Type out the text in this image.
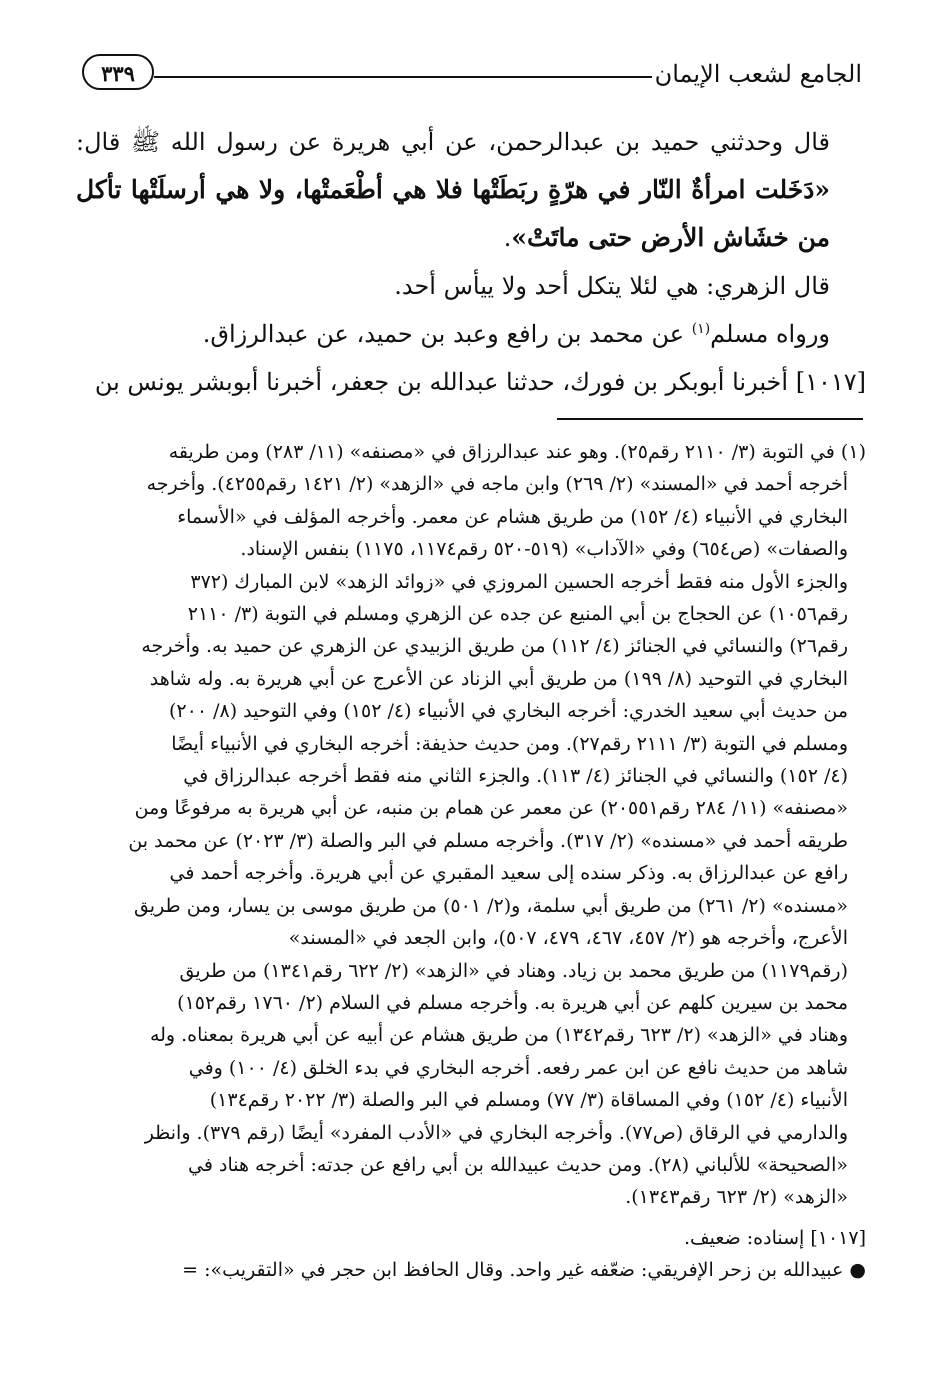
الجامع لشعب الإيمان
٣٣٩

قال وحدثني حميد بن عبدالرحمن، عن أبي هريرة عن رسول الله ﷺ قال: «دَخَلت امرأةٌ النّار في هرّةٍ ربَطَتْها فلا هي أطْعَمتْها، ولا هي أرسلَتْها تأكل من خشَاش الأرض حتى ماتَتْ».

قال الزهري: هي لئلا يتكل أحد ولا ييأس أحد.

ورواه مسلم$^{(١)}$ عن محمد بن رافع وعبد بن حميد، عن عبدالرزاق.

[١٠١٧] أخبرنا أبوبكر بن فورك، حدثنا عبدالله بن جعفر، أخبرنا أبوبشر يونس بن

(١) في التوبة (٣/ ٢١١٠ رقم٢٥). وهو عند عبدالرزاق في «مصنفه» (١١/ ٢٨٣) ومن طريقه

أخرجه أحمد في «المسند» (٢/ ٢٦٩) وابن ماجه في «الزهد» (٢/ ١٤٢١ رقم٤٢٥٥). وأخرجه

البخاري في الأنبياء (٤/ ١٥٢) من طريق هشام عن معمر. وأخرجه المؤلف في «الأسماء

والصفات» (ص٦٥٤) وفي «الآداب» (٥١٩-٥٢٠ رقم١١٧٤، ١١٧٥) بنفس الإسناد.

والجزء الأول منه فقط أخرجه الحسين المروزي في «زوائد الزهد» لابن المبارك (٣٧٢

رقم١٠٥٦) عن الحجاج بن أبي المنيع عن جده عن الزهري ومسلم في التوبة (٣/ ٢١١٠

رقم٢٦) والنسائي في الجنائز (٤/ ١١٢) من طريق الزبيدي عن الزهري عن حميد به. وأخرجه

البخاري في التوحيد (٨/ ١٩٩) من طريق أبي الزناد عن الأعرج عن أبي هريرة به. وله شاهد

من حديث أبي سعيد الخدري: أخرجه البخاري في الأنبياء (٤/ ١٥٢) وفي التوحيد (٨/ ٢٠٠)

ومسلم في التوبة (٣/ ٢١١١ رقم٢٧). ومن حديث حذيفة: أخرجه البخاري في الأنبياء أيضًا

(٤/ ١٥٢) والنسائي في الجنائز (٤/ ١١٣). والجزء الثاني منه فقط أخرجه عبدالرزاق في

«مصنفه» (١١/ ٢٨٤ رقم٢٠٥٥١) عن معمر عن همام بن منبه، عن أبي هريرة به مرفوعًا ومن

طريقه أحمد في «مسنده» (٢/ ٣١٧). وأخرجه مسلم في البر والصلة (٣/ ٢٠٢٣) عن محمد بن

رافع عن عبدالرزاق به. وذكر سنده إلى سعيد المقبري عن أبي هريرة. وأخرجه أحمد في

«مسنده» (٢/ ٢٦١) من طريق أبي سلمة، و(٢/ ٥٠١) من طريق موسى بن يسار، ومن طريق

الأعرج، وأخرجه هو (٢/ ٤٥٧، ٤٦٧، ٤٧٩، ٥٠٧)، وابن الجعد في «المسند»

(رقم١١٧٩) من طريق محمد بن زياد. وهناد في «الزهد» (٢/ ٦٢٢ رقم١٣٤١) من طريق

محمد بن سيرين كلهم عن أبي هريرة به. وأخرجه مسلم في السلام (٢/ ١٧٦٠ رقم١٥٢)

وهناد في «الزهد» (٢/ ٦٢٣ رقم١٣٤٢) من طريق هشام عن أبيه عن أبي هريرة بمعناه. وله

شاهد من حديث نافع عن ابن عمر رفعه. أخرجه البخاري في بدء الخلق (٤/ ١٠٠) وفي

الأنبياء (٤/ ١٥٢) وفي المساقاة (٣/ ٧٧) ومسلم في البر والصلة (٣/ ٢٠٢٢ رقم١٣٤)

والدارمي في الرقاق (ص٧٧). وأخرجه البخاري في «الأدب المفرد» أيضًا (رقم ٣٧٩). وانظر

«الصحيحة» للألباني (٢٨). ومن حديث عبيدالله بن أبي رافع عن جدته: أخرجه هناد في

«الزهد» (٢/ ٦٢٣ رقم١٣٤٣).

[١٠١٧] إسناده: ضعيف.

● عبيدالله بن زحر الإفريقي: ضعّفه غير واحد. وقال الحافظ ابن حجر في «التقريب»: =
